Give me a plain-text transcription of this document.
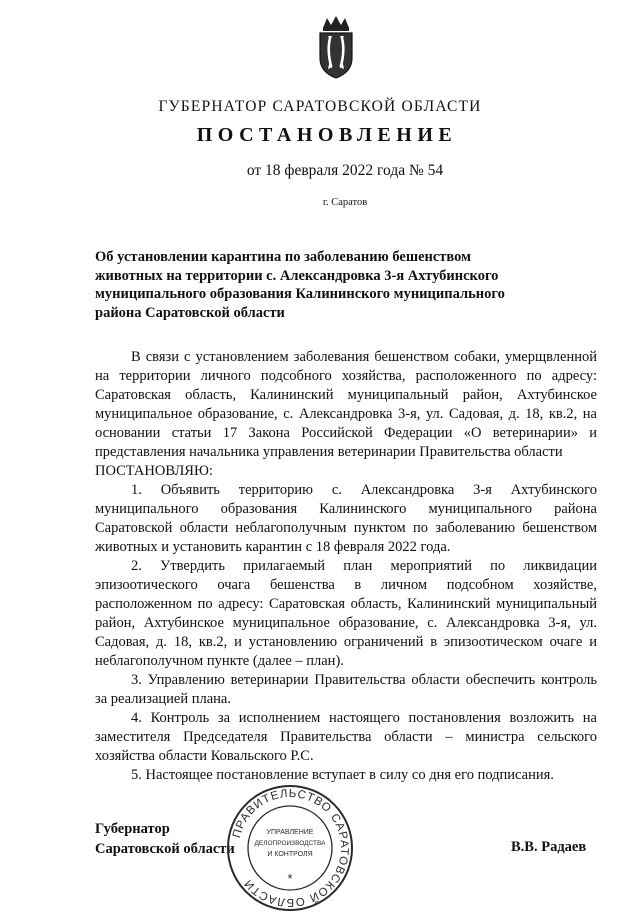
ГУБЕРНАТОР САРАТОВСКОЙ ОБЛАСТИ
ПОСТАНОВЛЕНИЕ
от 18 февраля 2022 года № 54
г. Саратов
Об установлении карантина по заболеванию бешенством животных на территории с. Александровка 3-я Ахтубинского муниципального образования Калининского муниципального района Саратовской области

В связи с установлением заболевания бешенством собаки, умерщвленной на территории личного подсобного хозяйства, расположенного по адресу: Саратовская область, Калининский муниципальный район, Ахтубинское муниципальное образование, с. Александровка 3-я, ул. Садовая, д. 18, кв.2, на основании статьи 17 Закона Российской Федерации «О ветеринарии» и представления начальника управления ветеринарии Правительства области

ПОСТАНОВЛЯЮ:

1. Объявить территорию с. Александровка 3-я Ахтубинского муниципального образования Калининского муниципального района Саратовской области неблагополучным пунктом по заболеванию бешенством животных и установить карантин с 18 февраля 2022 года.

2. Утвердить прилагаемый план мероприятий по ликвидации эпизоотического очага бешенства в личном подсобном хозяйстве, расположенном по адресу: Саратовская область, Калининский муниципальный район, Ахтубинское муниципальное образование, с. Александровка 3-я, ул. Садовая, д. 18, кв.2, и установлению ограничений в эпизоотическом очаге и неблагополучном пункте (далее – план).

3. Управлению ветеринарии Правительства области обеспечить контроль за реализацией плана.

4. Контроль за исполнением настоящего постановления возложить на заместителя Председателя Правительства области – министра сельского хозяйства области Ковальского Р.С.

5. Настоящее постановление вступает в силу со дня его подписания.

Губернатор
Саратовской области	В.В. Радаев
ПРАВИТЕЛЬСТВО САРАТОВСКОЙ ОБЛАСТИ
УПРАВЛЕНИЕ
ДЕЛОПРОИЗВОДСТВА
И КОНТРОЛЯ
*
